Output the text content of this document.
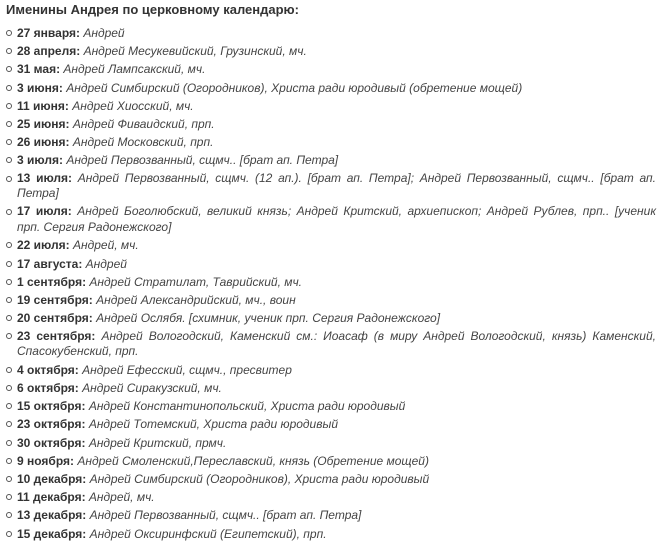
Именины Андрея по церковному календарю:
27 января: Андрей
28 апреля: Андрей Месукевийский, Грузинский, мч.
31 мая: Андрей Лампсакский, мч.
3 июня: Андрей Симбирский (Огородников), Христа ради юродивый (обретение мощей)
11 июня: Андрей Хиосский, мч.
25 июня: Андрей Фиваидский, прп.
26 июня: Андрей Московский, прп.
3 июля: Андрей Первозванный, сщмч.. [брат ап. Петра]
13 июля: Андрей Первозванный, сщмч. (12 ап.). [брат ап. Петра]; Андрей Первозванный, сщмч.. [брат ап. Петра]
17 июля: Андрей Боголюбский, великий князь; Андрей Критский, архиепископ; Андрей Рублев, прп.. [ученик прп. Сергия Радонежского]
22 июля: Андрей, мч.
17 августа: Андрей
1 сентября: Андрей Стратилат, Таврийский, мч.
19 сентября: Андрей Александрийский, мч., воин
20 сентября: Андрей Ослябя. [схимник, ученик прп. Сергия Радонежского]
23 сентября: Андрей Вологодский, Каменский см.: Иоасаф (в миру Андрей Вологодский, князь) Каменский, Спасокубенский, прп.
4 октября: Андрей Ефесский, сщмч., пресвитер
6 октября: Андрей Сиракузский, мч.
15 октября: Андрей Константинопольский, Христа ради юродивый
23 октября: Андрей Тотемский, Христа ради юродивый
30 октября: Андрей Критский, прмч.
9 ноября: Андрей Смоленский,Переславский, князь (Обретение мощей)
10 декабря: Андрей Симбирский (Огородников), Христа ради юродивый
11 декабря: Андрей, мч.
13 декабря: Андрей Первозванный, сщмч.. [брат ап. Петра]
15 декабря: Андрей Оксиринфский (Египетский), прп.
